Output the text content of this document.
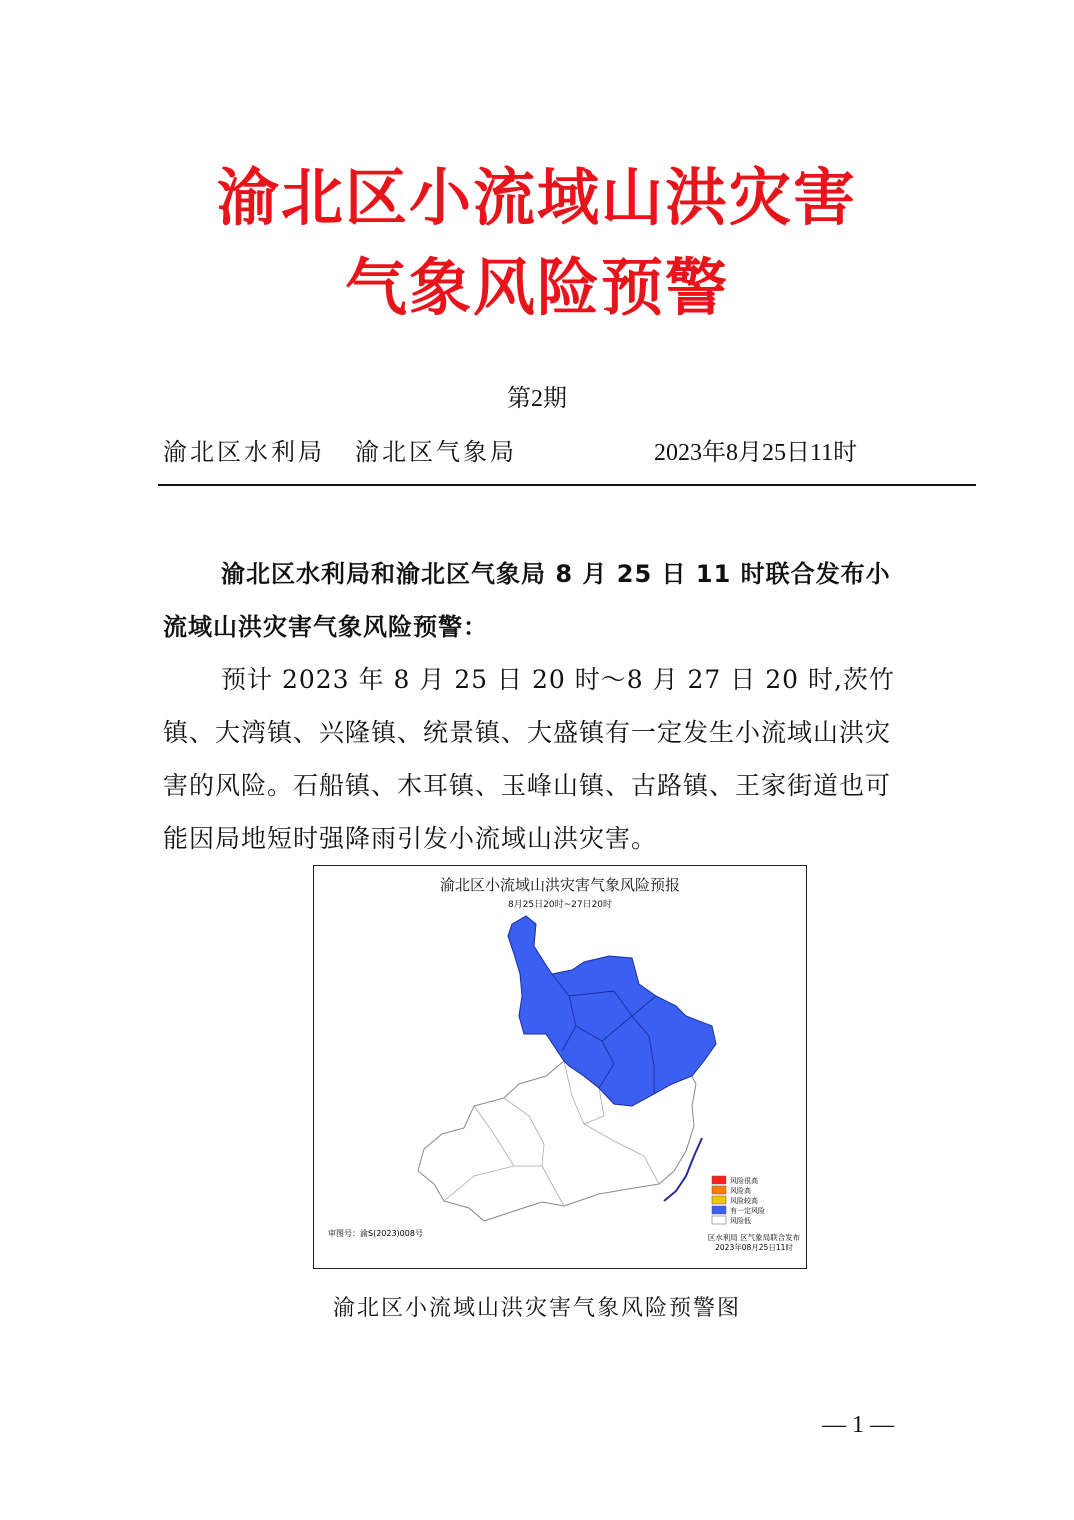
渝北区小流域山洪灾害
气象风险预警
第2期
渝北区水利局 渝北区气象局	2023年8月25日11时
渝北区水利局和渝北区气象局 8 月 25 日 11 时联合发布小流域山洪灾害气象风险预警：
预计 2023 年 8 月 25 日 20 时～8 月 27 日 20 时,茨竹镇、大湾镇、兴隆镇、统景镇、大盛镇有一定发生小流域山洪灾害的风险。石船镇、木耳镇、玉峰山镇、古路镇、王家街道也可能因局地短时强降雨引发小流域山洪灾害。
渝北区小流域山洪灾害气象风险预报
8月25日20时~27日20时
风险很高
风险高
风险较高
有一定风险
风险低
区水利局 区气象局联合发布
2023年08月25日11时
审图号：渝S(2023)008号
渝北区小流域山洪灾害气象风险预警图
— 1 —
